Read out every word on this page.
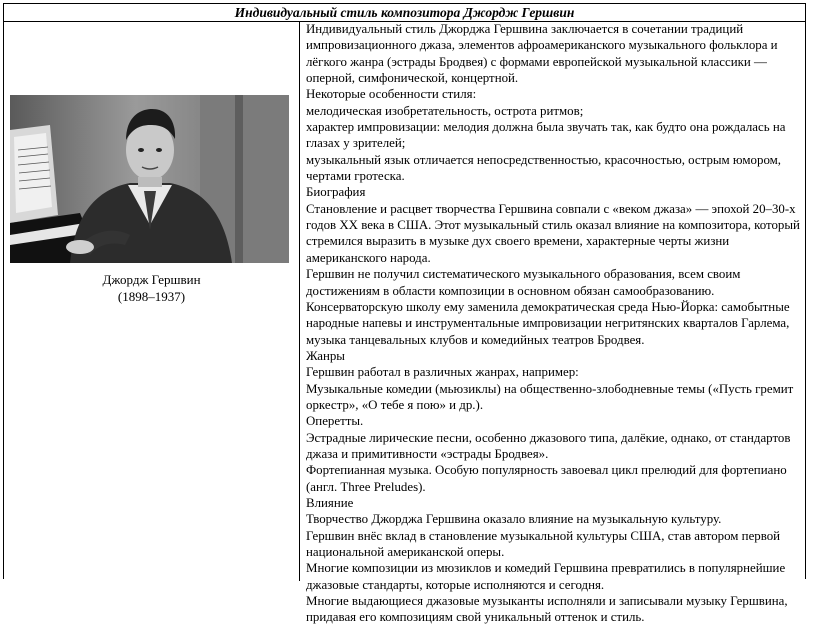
Индивидуальный стиль композитора Джордж Гершвин
Джордж Гершвин
(1898–1937)

Индивидуальный стиль Джорджа Гершвина заключается в сочетании традиций импровизационного джаза, элементов афроамериканского музыкального фольклора и лёгкого жанра (эстрады Бродвея) с формами европейской музыкальной классики — оперной, симфонической, концертной.

Некоторые особенности стиля:

мелодическая изобретательность, острота ритмов;

характер импровизации: мелодия должна была звучать так, как будто она рождалась на глазах у зрителей;

музыкальный язык отличается непосредственностью, красочностью, острым юмором, чертами гротеска.

Биография

Становление и расцвет творчества Гершвина совпали с «веком джаза» — эпохой 20–30-х годов XX века в США. Этот музыкальный стиль оказал влияние на композитора, который стремился выразить в музыке дух своего времени, характерные черты жизни американского народа.

Гершвин не получил систематического музыкального образования, всем своим достижениям в области композиции в основном обязан самообразованию.

Консерваторскую школу ему заменила демократическая среда Нью-Йорка: самобытные народные напевы и инструментальные импровизации негритянских кварталов Гарлема, музыка танцевальных клубов и комедийных театров Бродвея.

Жанры

Гершвин работал в различных жанрах, например:

Музыкальные комедии (мьюзиклы) на общественно-злободневные темы («Пусть гремит оркестр», «О тебе я пою» и др.).

Оперетты.

Эстрадные лирические песни, особенно джазового типа, далёкие, однако, от стандартов джаза и примитивности «эстрады Бродвея».

Фортепианная музыка. Особую популярность завоевал цикл прелюдий для фортепиано (англ. Three Preludes).

Влияние

Творчество Джорджа Гершвина оказало влияние на музыкальную культуру.

Гершвин внёс вклад в становление музыкальной культуры США, став автором первой национальной американской оперы.

Многие композиции из мюзиклов и комедий Гершвина превратились в популярнейшие джазовые стандарты, которые исполняются и сегодня.

Многие выдающиеся джазовые музыканты исполняли и записывали музыку Гершвина, придавая его композициям свой уникальный оттенок и стиль.
